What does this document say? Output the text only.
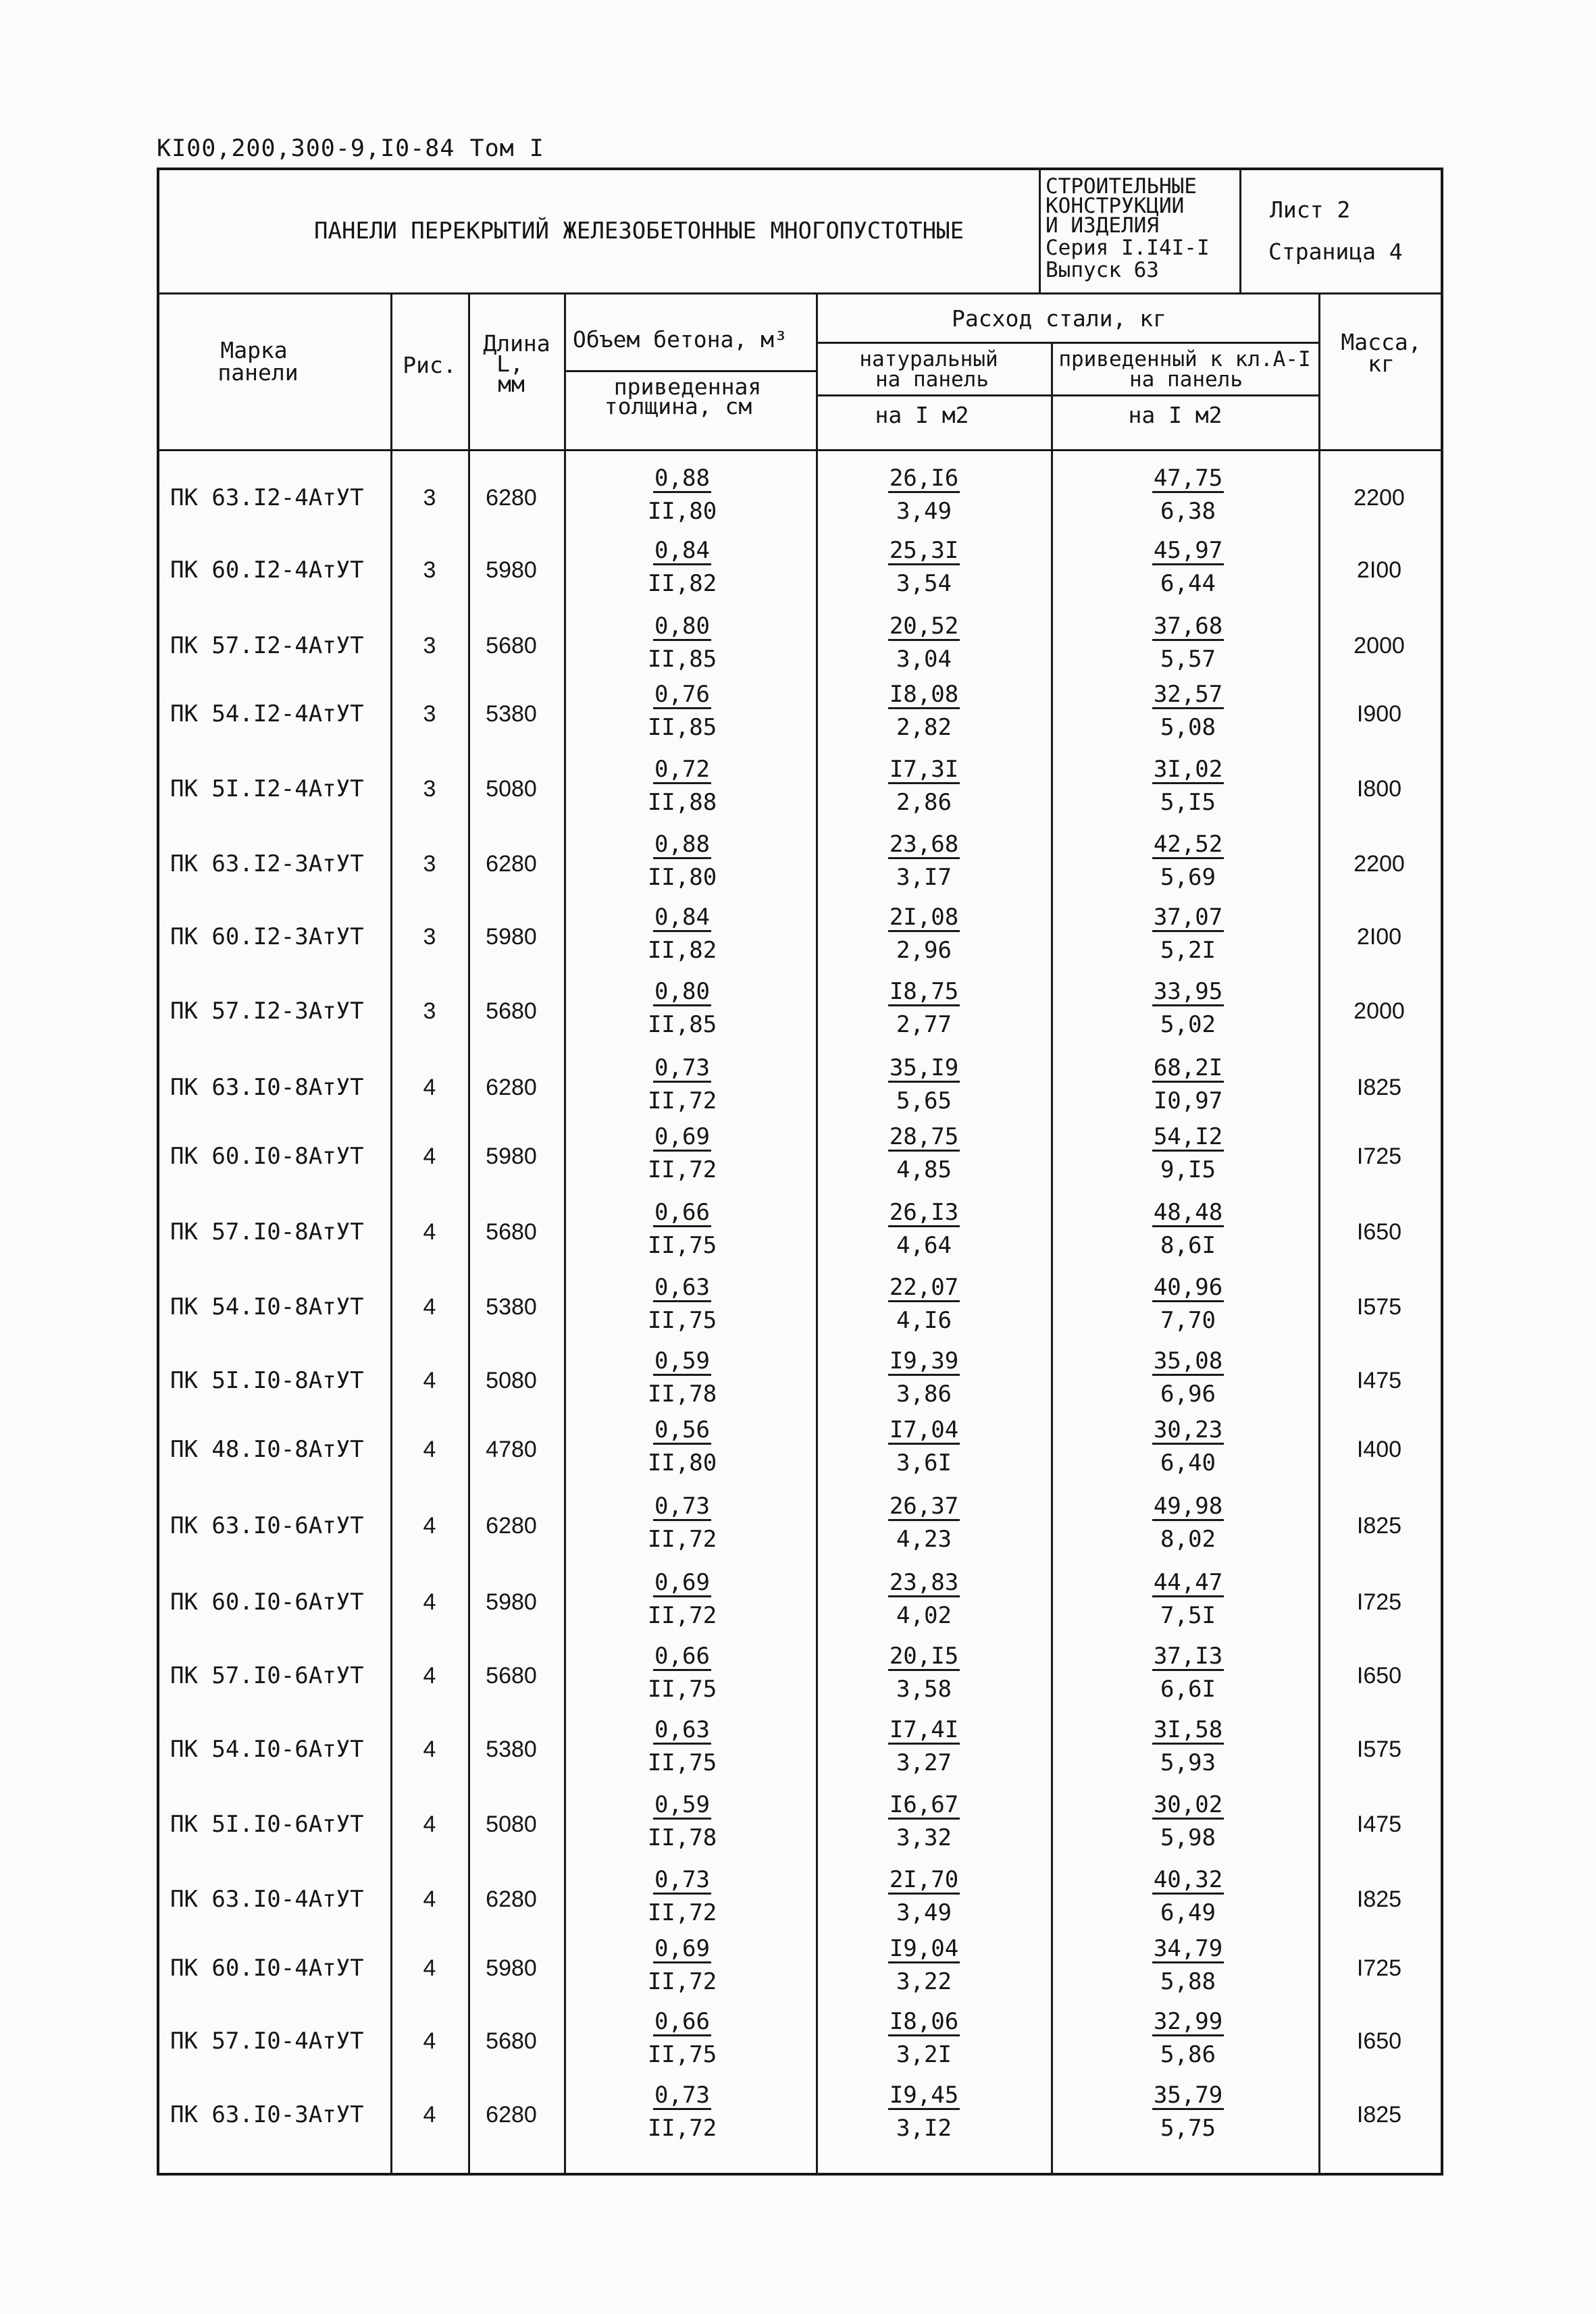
KI00,200,300-9,I0-84 Том I
ПАНЕЛИ ПЕРЕКРЫТИЙ ЖЕЛЕЗОБЕТОННЫЕ МНОГОПУСТОТНЫЕ
СТРОИТЕЛЬНЫЕ
КОНСТРУКЦИИ
И ИЗДЕЛИЯ
Серия I.I4I-I
Выпуск 63
Лист 2
Страница 4
Марка
панели	Рис.
Длина
L,
мм
Объем бетона, м³
приведенная
толщина, см
Расход стали, кг
натуральный
на панель
на I м2
приведенный к кл.А-I
на панель
на I м2
Масса,
кг
ПК 63.I2-4АтУТ	3 6280	$\frac{0,88}{II,80}$	$\frac{26,I6}{3,49}$	$\frac{47,75}{6,38}$	2200
ПК 60.I2-4АтУТ	3 5980	$\frac{0,84}{II,82}$	$\frac{25,3I}{3,54}$	$\frac{45,97}{6,44}$	2I00
ПК 57.I2-4АтУТ	3 5680	$\frac{0,80}{II,85}$	$\frac{20,52}{3,04}$	$\frac{37,68}{5,57}$	2000
ПК 54.I2-4АтУТ	3 5380	$\frac{0,76}{II,85}$	$\frac{I8,08}{2,82}$	$\frac{32,57}{5,08}$	I900
ПК 5I.I2-4АтУТ	3 5080	$\frac{0,72}{II,88}$	$\frac{I7,3I}{2,86}$	$\frac{3I,02}{5,I5}$	I800
ПК 63.I2-3АтУТ	3 6280	$\frac{0,88}{II,80}$	$\frac{23,68}{3,I7}$	$\frac{42,52}{5,69}$	2200
ПК 60.I2-3АтУТ	3 5980	$\frac{0,84}{II,82}$	$\frac{2I,08}{2,96}$	$\frac{37,07}{5,2I}$	2I00
ПК 57.I2-3АтУТ	3 5680	$\frac{0,80}{II,85}$	$\frac{I8,75}{2,77}$	$\frac{33,95}{5,02}$	2000
ПК 63.I0-8АтУТ	4 6280	$\frac{0,73}{II,72}$	$\frac{35,I9}{5,65}$	$\frac{68,2I}{I0,97}$	I825
ПК 60.I0-8АтУТ	4 5980	$\frac{0,69}{II,72}$	$\frac{28,75}{4,85}$	$\frac{54,I2}{9,I5}$	I725
ПК 57.I0-8АтУТ	4 5680	$\frac{0,66}{II,75}$	$\frac{26,I3}{4,64}$	$\frac{48,48}{8,6I}$	I650
ПК 54.I0-8АтУТ	4 5380	$\frac{0,63}{II,75}$	$\frac{22,07}{4,I6}$	$\frac{40,96}{7,70}$	I575
ПК 5I.I0-8АтУТ	4 5080	$\frac{0,59}{II,78}$	$\frac{I9,39}{3,86}$	$\frac{35,08}{6,96}$	I475
ПК 48.I0-8АтУТ	4 4780	$\frac{0,56}{II,80}$	$\frac{I7,04}{3,6I}$	$\frac{30,23}{6,40}$	I400
ПК 63.I0-6АтУТ	4 6280	$\frac{0,73}{II,72}$	$\frac{26,37}{4,23}$	$\frac{49,98}{8,02}$	I825
ПК 60.I0-6АтУТ	4 5980	$\frac{0,69}{II,72}$	$\frac{23,83}{4,02}$	$\frac{44,47}{7,5I}$	I725
ПК 57.I0-6АтУТ	4 5680	$\frac{0,66}{II,75}$	$\frac{20,I5}{3,58}$	$\frac{37,I3}{6,6I}$	I650
ПК 54.I0-6АтУТ	4 5380	$\frac{0,63}{II,75}$	$\frac{I7,4I}{3,27}$	$\frac{3I,58}{5,93}$	I575
ПК 5I.I0-6АтУТ	4 5080	$\frac{0,59}{II,78}$	$\frac{I6,67}{3,32}$	$\frac{30,02}{5,98}$	I475
ПК 63.I0-4АтУТ	4 6280	$\frac{0,73}{II,72}$	$\frac{2I,70}{3,49}$	$\frac{40,32}{6,49}$	I825
ПК 60.I0-4АтУТ	4 5980	$\frac{0,69}{II,72}$	$\frac{I9,04}{3,22}$	$\frac{34,79}{5,88}$	I725
ПК 57.I0-4АтУТ	4 5680	$\frac{0,66}{II,75}$	$\frac{I8,06}{3,2I}$	$\frac{32,99}{5,86}$	I650
ПК 63.I0-3АтУТ	4 6280	$\frac{0,73}{II,72}$	$\frac{I9,45}{3,I2}$	$\frac{35,79}{5,75}$	I825
